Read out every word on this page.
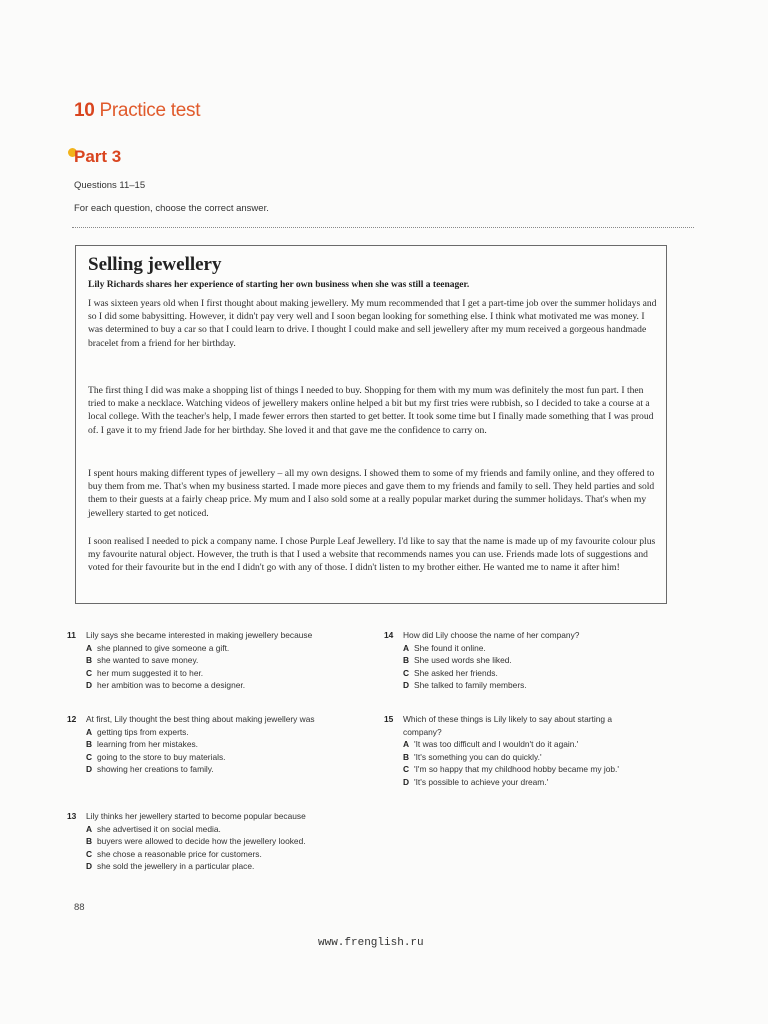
10 Practice test
Part 3
Questions 11–15
For each question, choose the correct answer.
Selling jewellery
Lily Richards shares her experience of starting her own business when she was still a teenager.

I was sixteen years old when I first thought about making jewellery. My mum recommended that I get a part-time job over the summer holidays and so I did some babysitting. However, it didn't pay very well and I soon began looking for something else. I think what motivated me was money. I was determined to buy a car so that I could learn to drive. I thought I could make and sell jewellery after my mum received a gorgeous handmade bracelet from a friend for her birthday.

The first thing I did was make a shopping list of things I needed to buy. Shopping for them with my mum was definitely the most fun part. I then tried to make a necklace. Watching videos of jewellery makers online helped a bit but my first tries were rubbish, so I decided to take a course at a local college. With the teacher's help, I made fewer errors then started to get better. It took some time but I finally made something that I was proud of. I gave it to my friend Jade for her birthday. She loved it and that gave me the confidence to carry on.

I spent hours making different types of jewellery – all my own designs. I showed them to some of my friends and family online, and they offered to buy them from me. That's when my business started. I made more pieces and gave them to my friends and family to sell. They held parties and sold them to their guests at a fairly cheap price. My mum and I also sold some at a really popular market during the summer holidays. That's when my jewellery started to get noticed.

I soon realised I needed to pick a company name. I chose Purple Leaf Jewellery. I'd like to say that the name is made up of my favourite colour plus my favourite natural object. However, the truth is that I used a website that recommends names you can use. Friends made lots of suggestions and voted for their favourite but in the end I didn't go with any of those. I didn't listen to my brother either. He wanted me to name it after him!

11 Lily says she became interested in making jewellery because
A she planned to give someone a gift.
B she wanted to save money.
C her mum suggested it to her.
D her ambition was to become a designer.
12 At first, Lily thought the best thing about making jewellery was
A getting tips from experts.
B learning from her mistakes.
C going to the store to buy materials.
D showing her creations to family.
13 Lily thinks her jewellery started to become popular because
A she advertised it on social media.
B buyers were allowed to decide how the jewellery looked.
C she chose a reasonable price for customers.
D she sold the jewellery in a particular place.
14 How did Lily choose the name of her company?
A She found it online.
B She used words she liked.
C She asked her friends.
D She talked to family members.
15 Which of these things is Lily likely to say about starting a company?
A 'It was too difficult and I wouldn't do it again.'
B 'It's something you can do quickly.'
C 'I'm so happy that my childhood hobby became my job.'
D 'It's possible to achieve your dream.'
88
www.frenglish.ru
